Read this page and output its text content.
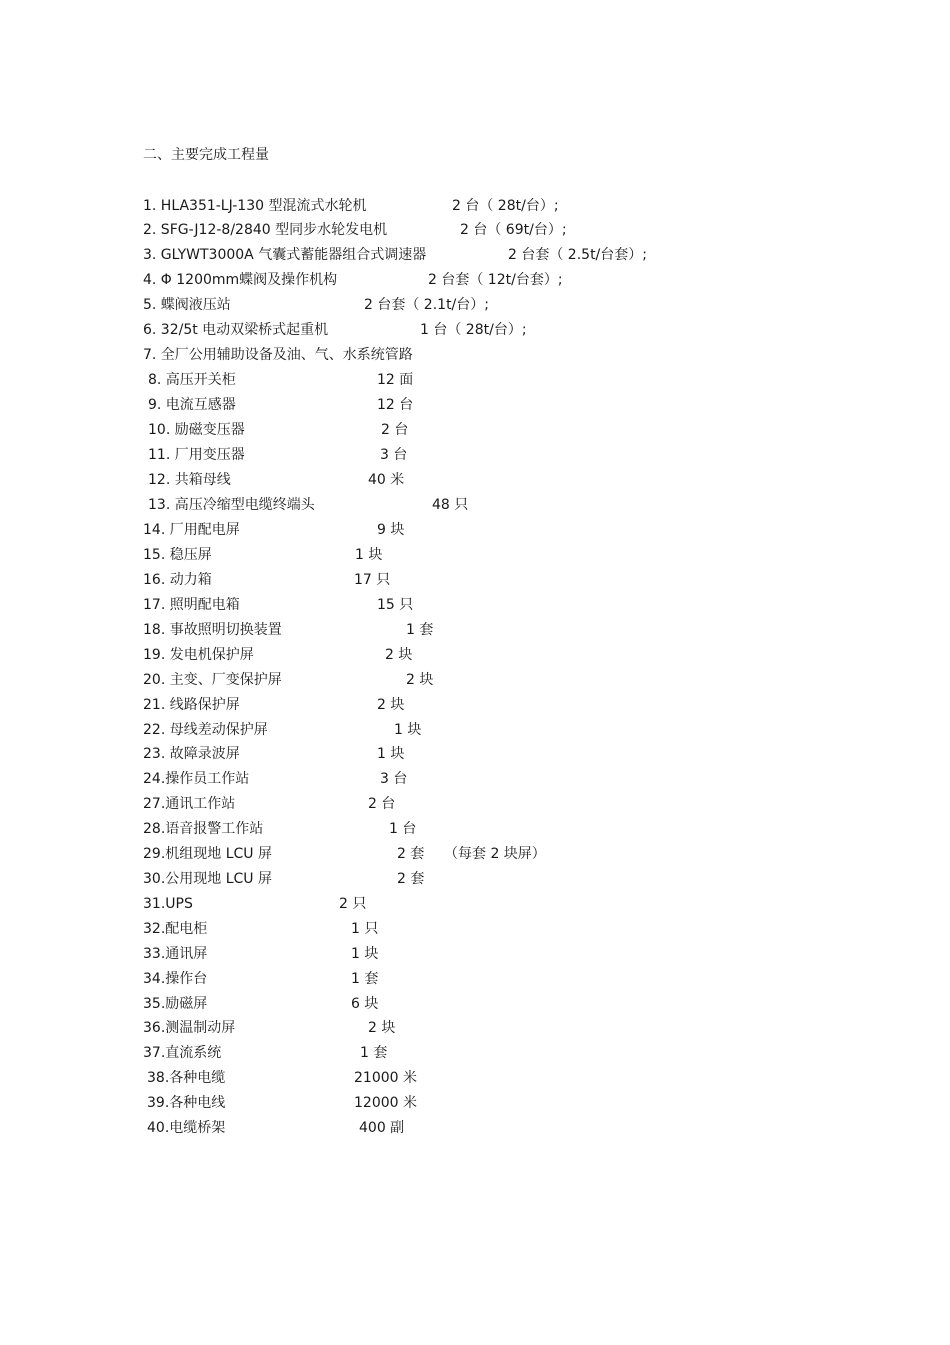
二、主要完成工程量
1. HLA351-LJ-130 型混流式水轮机	2 台（ 28t/台）;
2. SFG-J12-8/2840 型同步水轮发电机	2 台（ 69t/台）;
3. GLYWT3000A 气囊式蓄能器组合式调速器	2 台套（ 2.5t/台套）;
4. Φ 1200mm蝶阀及操作机构	2 台套（ 12t/台套）;
5. 蝶阀液压站	2 台套（ 2.1t/台）;
6. 32/5t 电动双梁桥式起重机	1 台（ 28t/台）;
7. 全厂公用辅助设备及油、气、水系统管路
8. 高压开关柜	12 面
9. 电流互感器	12 台
10. 励磁变压器	2 台
11. 厂用变压器	3 台
12. 共箱母线	40 米
13. 高压冷缩型电缆终端头	48 只
14. 厂用配电屏	9 块
15. 稳压屏	1 块
16. 动力箱	17 只
17. 照明配电箱	15 只
18. 事故照明切换装置	1 套
19. 发电机保护屏	2 块
20. 主变、厂变保护屏	2 块
21. 线路保护屏	2 块
22. 母线差动保护屏	1 块
23. 故障录波屏	1 块
24.操作员工作站	3 台
27.通讯工作站	2 台
28.语音报警工作站	1 台
29.机组现地 LCU 屏	2 套 （每套 2 块屏）
30.公用现地 LCU 屏	2 套
31.UPS	2 只
32.配电柜	1 只
33.通讯屏	1 块
34.操作台	1 套
35.励磁屏	6 块
36.测温制动屏	2 块
37.直流系统	1 套
38.各种电缆	21000 米
39.各种电线	12000 米
40.电缆桥架	400 副
